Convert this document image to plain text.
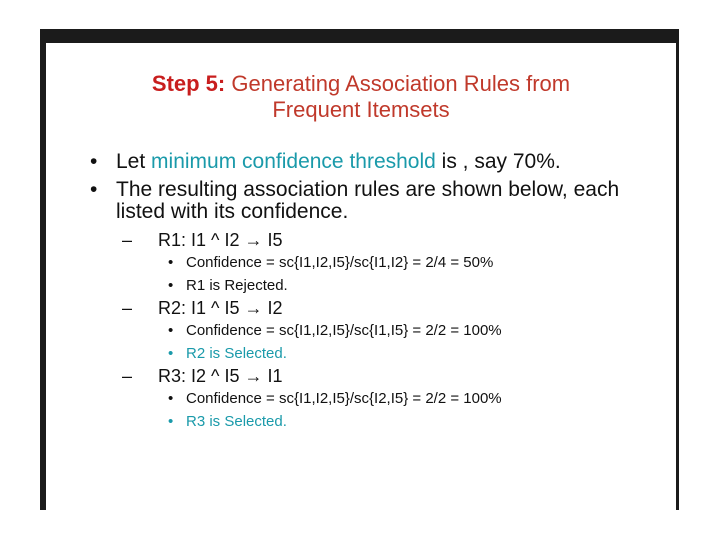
Step 5: Generating Association Rules from
Frequent Itemsets
• Let minimum confidence threshold is , say 70%.
• The resulting association rules are shown below, each listed with its confidence.
– R1: I1 ^ I2 → I5
• Confidence = sc{I1,I2,I5}/sc{I1,I2} = 2/4 = 50%
• R1 is Rejected.
– R2: I1 ^ I5 → I2
• Confidence = sc{I1,I2,I5}/sc{I1,I5} = 2/2 = 100%
• R2 is Selected.
– R3: I2 ^ I5 → I1
• Confidence = sc{I1,I2,I5}/sc{I2,I5} = 2/2 = 100%
• R3 is Selected.
